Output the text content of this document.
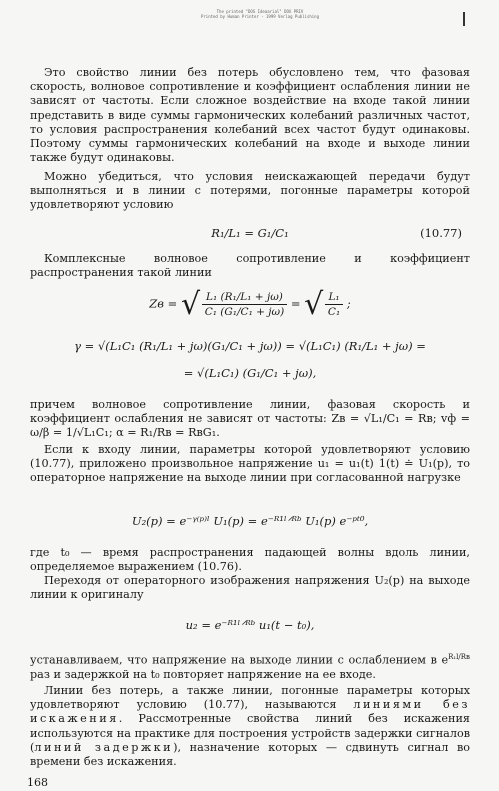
The printed "DOS Ideaarial" DOX PRIV
Printed by Human Printer - 1999 Verlag Publishing
Это свойство линии без потерь обусловлено тем, что фазовая скорость, волновое сопротивление и коэффициент ослабления линии не зависят от частоты. Если сложное воздействие на входе такой линии представить в виде суммы гармонических колебаний различных частот, то условия распространения колебаний всех частот будут одинаковы. Поэтому суммы гармонических колебаний на входе и выходе линии также будут одинаковы.
Можно убедиться, что условия неискажающей передачи будут выполняться и в линии с потерями, погонные параметры которой удовлетворяют условию
R₁/L₁ = G₁/C₁	(10.77)
Комплексные волновое сопротивление и коэффициент распространения такой линии
Zв = √ $\frac{\text{L₁ (R₁/L₁ + jω)}}{\text{C₁ (G₁/C₁ + jω)}}$ = √ $\frac{\text{L₁}}{\text{C₁}}$ ;
γ = √(L₁C₁ (R₁/L₁ + jω)(G₁/C₁ + jω)) = √(L₁C₁) (R₁/L₁ + jω) =
= √(L₁C₁) (G₁/C₁ + jω),
причем волновое сопротивление линии, фазовая скорость и коэффициент ослабления не зависят от частоты: Zв = √L₁/C₁ = Rв; vф = ω/β = 1/√L₁C₁; α = R₁/Rв = RвG₁.
Если к входу линии, параметры которой удовлетворяют условию (10.77), приложено произвольное напряжение u₁ = u₁(t) 1(t) ≐ U₁(p), то операторное напряжение на выходе линии при согласованной нагрузке
U₂(p) = e⁻ᵞ⁽ᵖ⁾ˡ U₁(p) = e⁻ᴿ¹ˡᐟᴿᵇ U₁(p) e⁻ᵖᵗ⁰,
где t₀ — время распространения падающей волны вдоль линии, определяемое выражением (10.76).
Переходя от операторного изображения напряжения U₂(p) на выходе линии к оригиналу
u₂ = e⁻ᴿ¹ˡᐟᴿᵇ u₁(t − t₀),
устанавливаем, что напряжение на выходе линии с ослаблением в $e^{R_1l/Rв}$ раз и задержкой на t₀ повторяет напряжение на ее входе.
Линии без потерь, а также линии, погонные параметры которых удовлетворяют условию (10.77), называются линиями без искажения. Рассмотренные свойства линий без искажения используются на практике для построения устройств задержки сигналов (линий задержки), назначение которых — сдвинуть сигнал во времени без искажения.
168
